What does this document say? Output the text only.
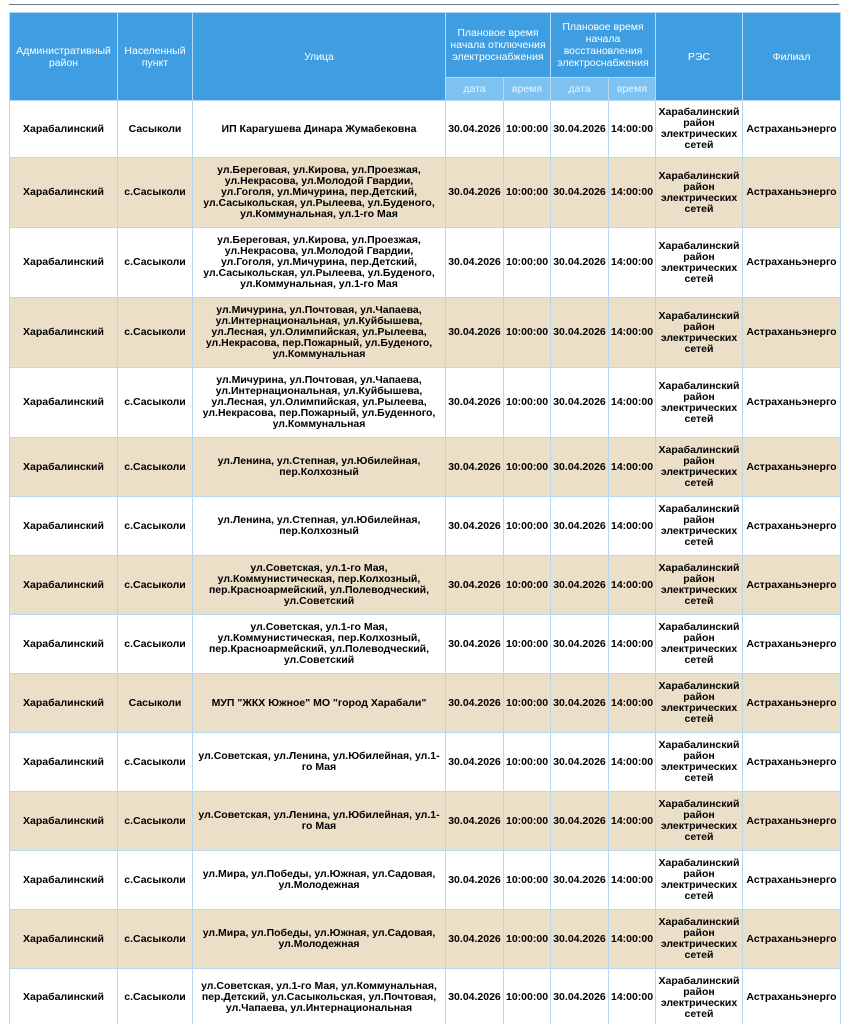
Административный район	Населенный пункт	Улица	Плановое время начала отключения электроснабжения		Плановое время начала восстановления электроснабжения		РЭС	Филиал
			дата	время	дата	время		
Харабалинский	Сасыколи	ИП Карагушева Динара Жумабековна	30.04.2026	10:00:00	30.04.2026	14:00:00	Харабалинский район электрических сетей	Астраханьэнерго
Харабалинский	с.Сасыколи	ул.Береговая, ул.Кирова, ул.Проезжая, ул.Некрасова, ул.Молодой Гвардии, ул.Гоголя, ул.Мичурина, пер.Детский, ул.Сасыкольская, ул.Рылеева, ул.Буденого, ул.Коммунальная, ул.1-го Мая	30.04.2026	10:00:00	30.04.2026	14:00:00	Харабалинский район электрических сетей	Астраханьэнерго
Харабалинский	с.Сасыколи	ул.Береговая, ул.Кирова, ул.Проезжая, ул.Некрасова, ул.Молодой Гвардии, ул.Гоголя, ул.Мичурина, пер.Детский, ул.Сасыкольская, ул.Рылеева, ул.Буденого, ул.Коммунальная, ул.1-го Мая	30.04.2026	10:00:00	30.04.2026	14:00:00	Харабалинский район электрических сетей	Астраханьэнерго
Харабалинский	с.Сасыколи	ул.Мичурина, ул.Почтовая, ул.Чапаева, ул.Интернациональная, ул.Куйбышева, ул.Лесная, ул.Олимпийская, ул.Рылеева, ул.Некрасова, пер.Пожарный, ул.Буденого, ул.Коммунальная	30.04.2026	10:00:00	30.04.2026	14:00:00	Харабалинский район электрических сетей	Астраханьэнерго
Харабалинский	с.Сасыколи	ул.Мичурина, ул.Почтовая, ул.Чапаева, ул.Интернациональная, ул.Куйбышева, ул.Лесная, ул.Олимпийская, ул.Рылеева, ул.Некрасова, пер.Пожарный, ул.Буденного, ул.Коммунальная	30.04.2026	10:00:00	30.04.2026	14:00:00	Харабалинский район электрических сетей	Астраханьэнерго
Харабалинский	с.Сасыколи	ул.Ленина, ул.Степная, ул.Юбилейная, пер.Колхозный	30.04.2026	10:00:00	30.04.2026	14:00:00	Харабалинский район электрических сетей	Астраханьэнерго
Харабалинский	с.Сасыколи	ул.Ленина, ул.Степная, ул.Юбилейная, пер.Колхозный	30.04.2026	10:00:00	30.04.2026	14:00:00	Харабалинский район электрических сетей	Астраханьэнерго
Харабалинский	с.Сасыколи	ул.Советская, ул.1-го Мая, ул.Коммунистическая, пер.Колхозный, пер.Красноармейский, ул.Полеводческий, ул.Советский	30.04.2026	10:00:00	30.04.2026	14:00:00	Харабалинский район электрических сетей	Астраханьэнерго
Харабалинский	с.Сасыколи	ул.Советская, ул.1-го Мая, ул.Коммунистическая, пер.Колхозный, пер.Красноармейский, ул.Полеводческий, ул.Советский	30.04.2026	10:00:00	30.04.2026	14:00:00	Харабалинский район электрических сетей	Астраханьэнерго
Харабалинский	Сасыколи	МУП "ЖКХ Южное" МО "город Харабали"	30.04.2026	10:00:00	30.04.2026	14:00:00	Харабалинский район электрических сетей	Астраханьэнерго
Харабалинский	с.Сасыколи	ул.Советская, ул.Ленина, ул.Юбилейная, ул.1-го Мая	30.04.2026	10:00:00	30.04.2026	14:00:00	Харабалинский район электрических сетей	Астраханьэнерго
Харабалинский	с.Сасыколи	ул.Советская, ул.Ленина, ул.Юбилейная, ул.1-го Мая	30.04.2026	10:00:00	30.04.2026	14:00:00	Харабалинский район электрических сетей	Астраханьэнерго
Харабалинский	с.Сасыколи	ул.Мира, ул.Победы, ул.Южная, ул.Садовая, ул.Молодежная	30.04.2026	10:00:00	30.04.2026	14:00:00	Харабалинский район электрических сетей	Астраханьэнерго
Харабалинский	с.Сасыколи	ул.Мира, ул.Победы, ул.Южная, ул.Садовая, ул.Молодежная	30.04.2026	10:00:00	30.04.2026	14:00:00	Харабалинский район электрических сетей	Астраханьэнерго
Харабалинский	с.Сасыколи	ул.Советская, ул.1-го Мая, ул.Коммунальная, пер.Детский, ул.Сасыкольская, ул.Почтовая, ул.Чапаева, ул.Интернациональная	30.04.2026	10:00:00	30.04.2026	14:00:00	Харабалинский район электрических сетей	Астраханьэнерго
